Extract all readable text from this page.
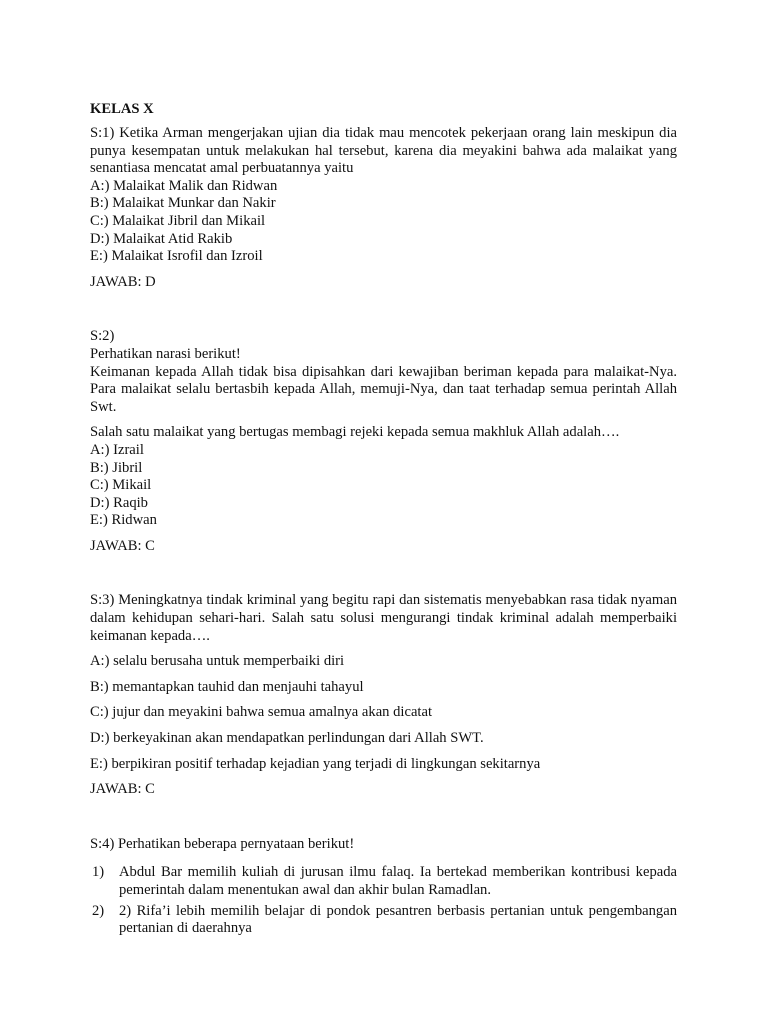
KELAS X
S:1) Ketika Arman mengerjakan ujian dia tidak mau mencotek pekerjaan orang lain meskipun dia punya kesempatan untuk melakukan hal tersebut, karena dia meyakini bahwa ada malaikat yang senantiasa mencatat amal perbuatannya yaitu
A:) Malaikat Malik dan Ridwan
B:) Malaikat Munkar dan Nakir
C:) Malaikat Jibril dan Mikail
D:) Malaikat Atid Rakib
E:) Malaikat Isrofil dan Izroil
JAWAB: D
S:2)
Perhatikan narasi berikut!
Keimanan kepada Allah tidak bisa dipisahkan dari kewajiban beriman kepada para malaikat-Nya. Para malaikat selalu bertasbih kepada Allah, memuji-Nya, dan taat terhadap semua perintah Allah Swt.
Salah satu malaikat yang bertugas membagi rejeki kepada semua makhluk Allah adalah….
A:) Izrail
B:) Jibril
C:) Mikail
D:) Raqib
E:) Ridwan
JAWAB: C
S:3) Meningkatnya tindak kriminal yang begitu rapi dan sistematis menyebabkan rasa tidak nyaman dalam kehidupan sehari-hari. Salah satu solusi mengurangi tindak kriminal adalah memperbaiki keimanan kepada….
A:) selalu berusaha untuk memperbaiki diri
B:) memantapkan tauhid dan menjauhi tahayul
C:) jujur dan meyakini bahwa semua amalnya akan dicatat
D:) berkeyakinan akan mendapatkan perlindungan dari Allah SWT.
E:) berpikiran positif terhadap kejadian yang terjadi di lingkungan sekitarnya
JAWAB: C
S:4) Perhatikan beberapa pernyataan berikut!
1)	Abdul Bar memilih kuliah di jurusan ilmu falaq. Ia bertekad memberikan kontribusi kepada pemerintah dalam menentukan awal dan akhir bulan Ramadlan.
2)	2) Rifa’i lebih memilih belajar di pondok pesantren berbasis pertanian untuk pengembangan pertanian di daerahnya
